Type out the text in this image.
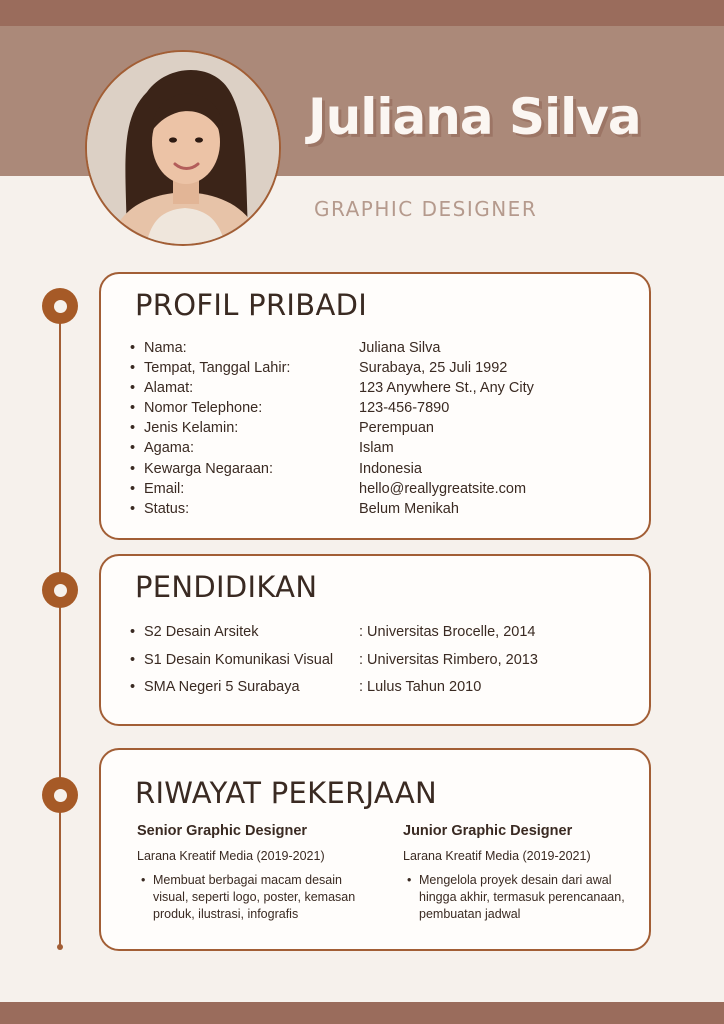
Juliana Silva
GRAPHIC DESIGNER
PROFIL PRIBADI
• Nama:	Juliana Silva
• Tempat, Tanggal Lahir:	Surabaya, 25 Juli 1992
• Alamat:	123 Anywhere St., Any City
• Nomor Telephone:	123-456-7890
• Jenis Kelamin:	Perempuan
• Agama:	Islam
• Kewarga Negaraan:	Indonesia
• Email:	hello@reallygreatsite.com
• Status:	Belum Menikah
PENDIDIKAN
• S2 Desain Arsitek	: Universitas Brocelle, 2014
• S1 Desain Komunikasi Visual : Universitas Rimbero, 2013
• SMA Negeri 5 Surabaya	: Lulus Tahun 2010
RIWAYAT PEKERJAAN
Senior Graphic Designer
Larana Kreatif Media (2019-2021)
• Membuat berbagai macam desain visual, seperti logo, poster, kemasan produk, ilustrasi, infografis
Junior Graphic Designer
Larana Kreatif Media (2019-2021)
• Mengelola proyek desain dari awal hingga akhir, termasuk perencanaan, pembuatan jadwal
